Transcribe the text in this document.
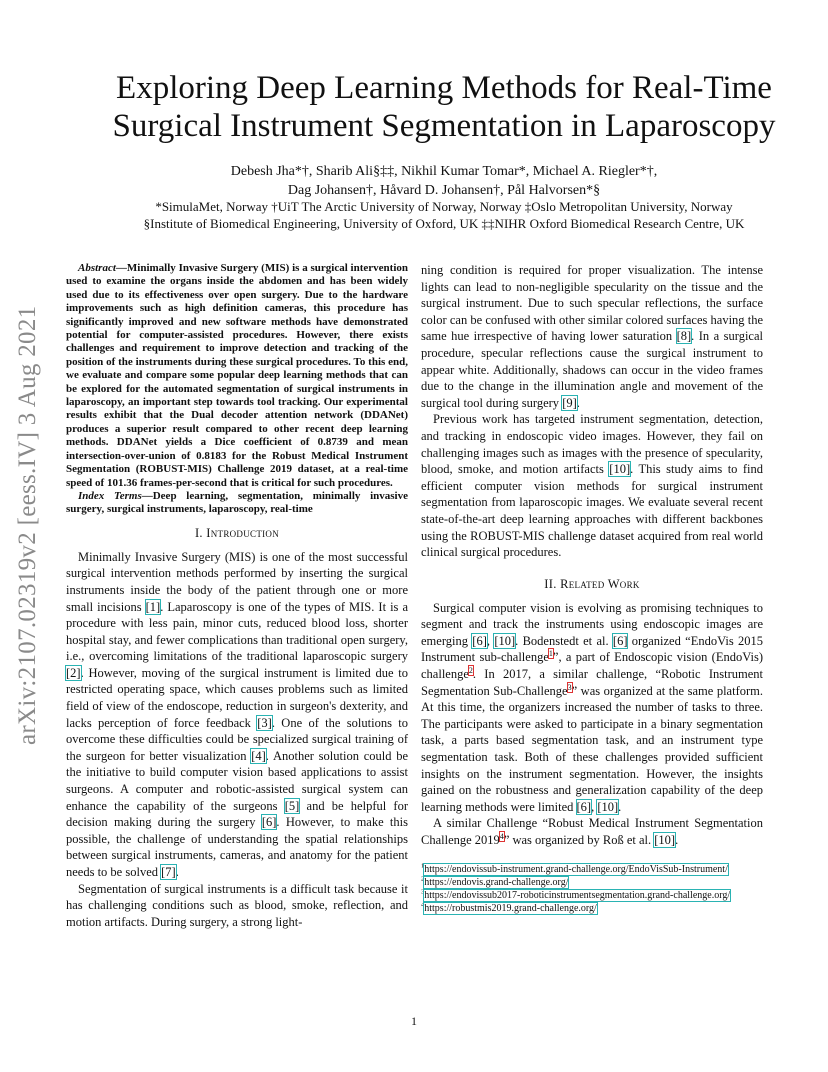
arXiv:2107.02319v2 [eess.IV] 3 Aug 2021
Exploring Deep Learning Methods for Real-Time
Surgical Instrument Segmentation in Laparoscopy
Debesh Jha*†, Sharib Ali§‡‡, Nikhil Kumar Tomar*, Michael A. Riegler*†,
Dag Johansen†, Håvard D. Johansen†, Pål Halvorsen*§
*SimulaMet, Norway †UiT The Arctic University of Norway, Norway ‡Oslo Metropolitan University, Norway
§Institute of Biomedical Engineering, University of Oxford, UK ‡‡NIHR Oxford Biomedical Research Centre, UK

Abstract—Minimally Invasive Surgery (MIS) is a surgical intervention used to examine the organs inside the abdomen and has been widely used due to its effectiveness over open surgery. Due to the hardware improvements such as high definition cameras, this procedure has significantly improved and new software methods have demonstrated potential for computer-assisted procedures. However, there exists challenges and requirement to improve detection and tracking of the position of the instruments during these surgical procedures. To this end, we evaluate and compare some popular deep learning methods that can be explored for the automated segmentation of surgical instruments in laparoscopy, an important step towards tool tracking. Our experimental results exhibit that the Dual decoder attention network (DDANet) produces a superior result compared to other recent deep learning methods. DDANet yields a Dice coefficient of 0.8739 and mean intersection-over-union of 0.8183 for the Robust Medical Instrument Segmentation (ROBUST-MIS) Challenge 2019 dataset, at a real-time speed of 101.36 frames-per-second that is critical for such procedures.

Index Terms—Deep learning, segmentation, minimally invasive surgery, surgical instruments, laparoscopy, real-time

I. Introduction

Minimally Invasive Surgery (MIS) is one of the most successful surgical intervention methods performed by inserting the surgical instruments inside the body of the patient through one or more small incisions [1]. Laparoscopy is one of the types of MIS. It is a procedure with less pain, minor cuts, reduced blood loss, shorter hospital stay, and fewer complications than traditional open surgery, i.e., overcoming limitations of the traditional laparoscopic surgery [2]. However, moving of the surgical instrument is limited due to restricted operating space, which causes problems such as limited field of view of the endoscope, reduction in surgeon's dexterity, and lacks perception of force feedback [3]. One of the solutions to overcome these difficulties could be specialized surgical training of the surgeon for better visualization [4]. Another solution could be the initiative to build computer vision based applications to assist surgeons. A computer and robotic-assisted surgical system can enhance the capability of the surgeons [5] and be helpful for decision making during the surgery [6]. However, to make this possible, the challenge of understanding the spatial relationships between surgical instruments, cameras, and anatomy for the patient needs to be solved [7].

Segmentation of surgical instruments is a difficult task because it has challenging conditions such as blood, smoke, reflection, and motion artifacts. During surgery, a strong light-

ning condition is required for proper visualization. The intense lights can lead to non-negligible specularity on the tissue and the surgical instrument. Due to such specular reflections, the surface color can be confused with other similar colored surfaces having the same hue irrespective of having lower saturation [8]. In a surgical procedure, specular reflections cause the surgical instrument to appear white. Additionally, shadows can occur in the video frames due to the change in the illumination angle and movement of the surgical tool during surgery [9].

Previous work has targeted instrument segmentation, detection, and tracking in endoscopic video images. However, they fail on challenging images such as images with the presence of specularity, blood, smoke, and motion artifacts [10]. This study aims to find efficient computer vision methods for surgical instrument segmentation from laparoscopic images. We evaluate several recent state-of-the-art deep learning approaches with different backbones using the ROBUST-MIS challenge dataset acquired from real world clinical surgical procedures.

II. Related Work

Surgical computer vision is evolving as promising techniques to segment and track the instruments using endoscopic images are emerging [6], [10]. Bodenstedt et al. [6] organized “EndoVis 2015 Instrument sub-challenge$^1$”, a part of Endoscopic vision (EndoVis) challenge$^2$. In 2017, a similar challenge, “Robotic Instrument Segmentation Sub-Challenge$^3$” was organized at the same platform. At this time, the organizers increased the number of tasks to three. The participants were asked to participate in a binary segmentation task, a parts based segmentation task, and an instrument type segmentation task. Both of these challenges provided sufficient insights on the instrument segmentation. However, the insights gained on the robustness and generalization capability of the deep learning methods were limited [6], [10].

A similar Challenge “Robust Medical Instrument Segmentation Challenge 2019$^4$” was organized by Roß et al. [10].

$^1$https://endovissub-instrument.grand-challenge.org/EndoVisSub-Instrument/
$^2$https://endovis.grand-challenge.org/
$^3$https://endovissub2017-roboticinstrumentsegmentation.grand-challenge.org/
$^4$https://robustmis2019.grand-challenge.org/
1
